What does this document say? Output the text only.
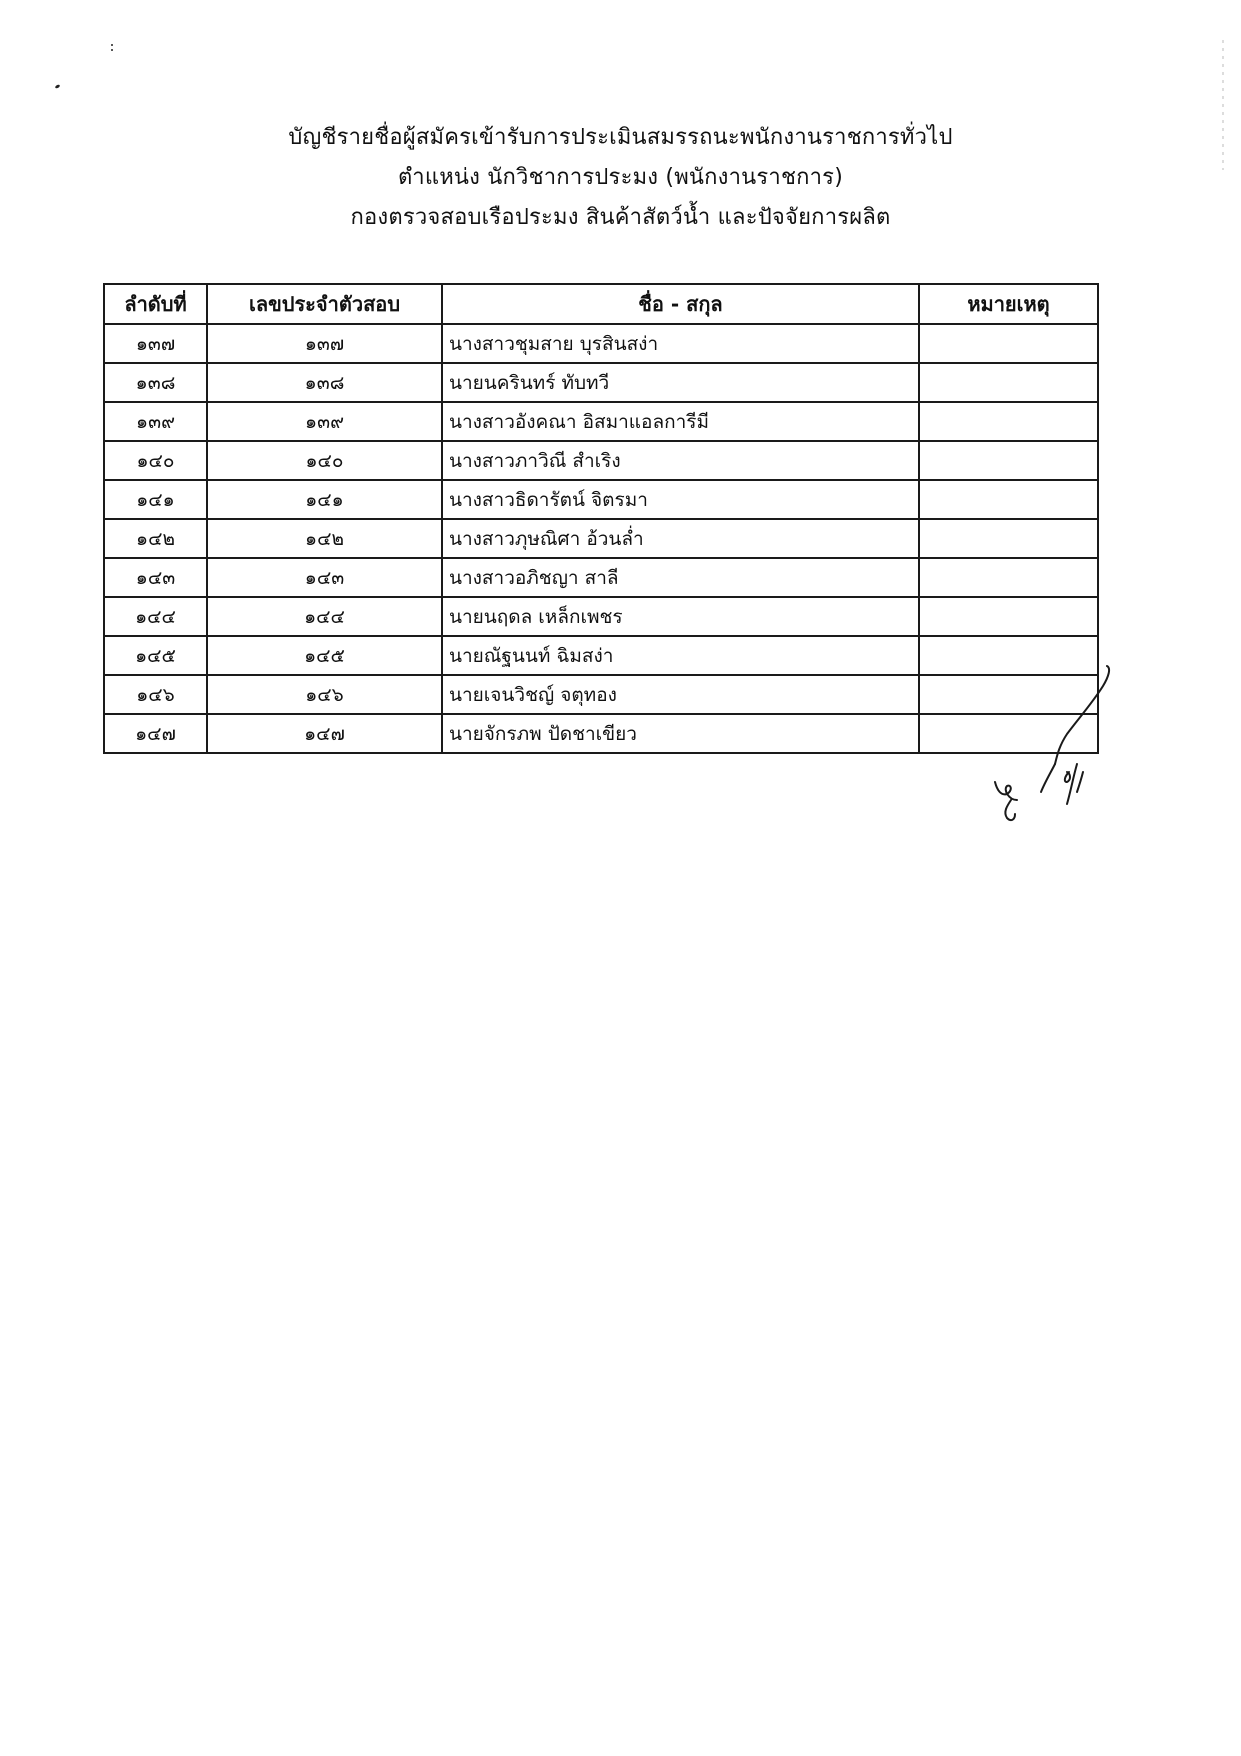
บัญชีรายชื่อผู้สมัครเข้ารับการประเมินสมรรถนะพนักงานราชการทั่วไป
ตำแหน่ง นักวิชาการประมง (พนักงานราชการ)
กองตรวจสอบเรือประมง สินค้าสัตว์น้ำ และปัจจัยการผลิต
ลำดับที่	เลขประจำตัวสอบ	ชื่อ - สกุล	หมายเหตุ
๑๓๗	๑๓๗	นางสาวชุมสาย บุรสินสง่า	
๑๓๘	๑๓๘	นายนครินทร์ ทับทวี	
๑๓๙	๑๓๙	นางสาวอังคณา อิสมาแอลการีมี	
๑๔๐	๑๔๐	นางสาวภาวิณี สำเริง	
๑๔๑	๑๔๑	นางสาวธิดารัตน์ จิตรมา	
๑๔๒	๑๔๒	นางสาวภุษณิศา อ้วนล่ำ	
๑๔๓	๑๔๓	นางสาวอภิชญา สาลี	
๑๔๔	๑๔๔	นายนฤดล เหล็กเพชร	
๑๔๕	๑๔๕	นายณัฐนนท์ ฉิมสง่า	
๑๔๖	๑๔๖	นายเจนวิชญ์ จตุทอง	
๑๔๗	๑๔๗	นายจักรภพ ปัดชาเขียว	
